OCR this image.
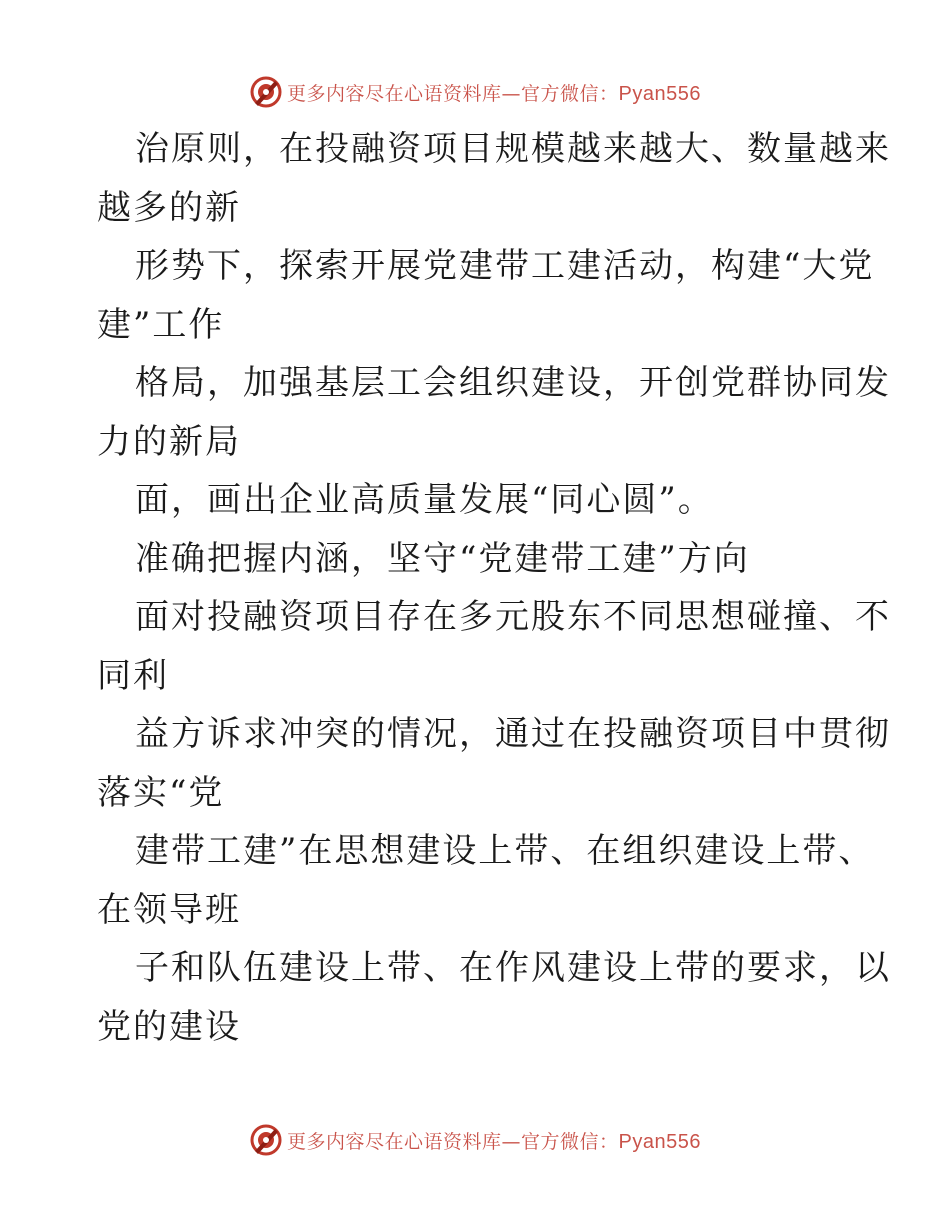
更多内容尽在心语资料库—官方微信：Pyan556
治原则，在投融资项目规模越来越大、数量越来
越多的新
形势下，探索开展党建带工建活动，构建“大党
建”工作
格局，加强基层工会组织建设，开创党群协同发
力的新局
面，画出企业高质量发展“同心圆”。
准确把握内涵，坚守“党建带工建”方向
面对投融资项目存在多元股东不同思想碰撞、不
同利
益方诉求冲突的情况，通过在投融资项目中贯彻
落实“党
建带工建”在思想建设上带、在组织建设上带、
在领导班
子和队伍建设上带、在作风建设上带的要求，以
党的建设
更多内容尽在心语资料库—官方微信：Pyan556
